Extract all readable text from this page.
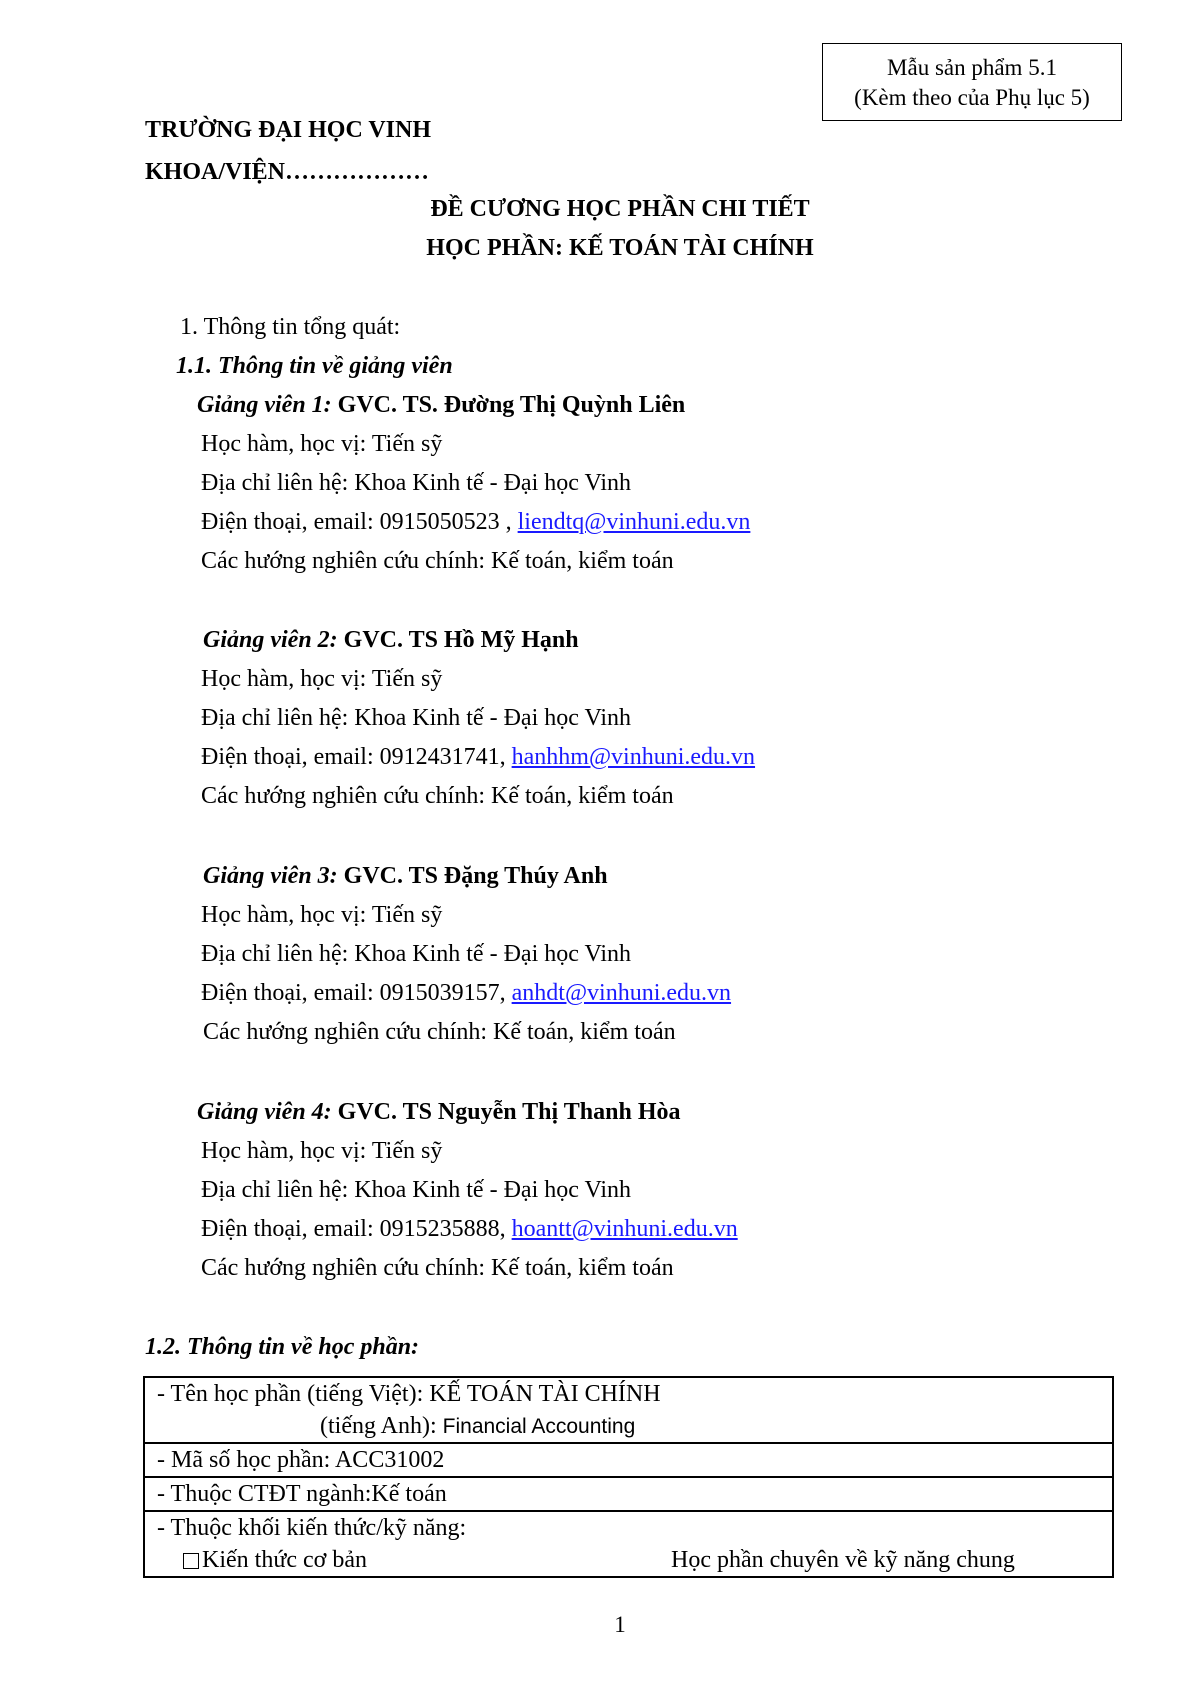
Mẫu sản phẩm 5.1
(Kèm theo của Phụ lục 5)
TRƯỜNG ĐẠI HỌC VINH
KHOA/VIỆN………………
ĐỀ CƯƠNG HỌC PHẦN CHI TIẾT
HỌC PHẦN: KẾ TOÁN TÀI CHÍNH
1. Thông tin tổng quát:
1.1. Thông tin về giảng viên
Giảng viên 1: GVC. TS. Đường Thị Quỳnh Liên
Học hàm, học vị: Tiến sỹ
Địa chỉ liên hệ: Khoa Kinh tế - Đại học Vinh
Điện thoại, email: 0915050523 , liendtq@vinhuni.edu.vn
Các hướng nghiên cứu chính: Kế toán, kiểm toán
Giảng viên 2: GVC. TS Hồ Mỹ Hạnh
Học hàm, học vị: Tiến sỹ
Địa chỉ liên hệ: Khoa Kinh tế - Đại học Vinh
Điện thoại, email: 0912431741, hanhhm@vinhuni.edu.vn
Các hướng nghiên cứu chính: Kế toán, kiểm toán
Giảng viên 3: GVC. TS Đặng Thúy Anh
Học hàm, học vị: Tiến sỹ
Địa chỉ liên hệ: Khoa Kinh tế - Đại học Vinh
Điện thoại, email: 0915039157, anhdt@vinhuni.edu.vn
Các hướng nghiên cứu chính: Kế toán, kiểm toán
Giảng viên 4: GVC. TS Nguyễn Thị Thanh Hòa
Học hàm, học vị: Tiến sỹ
Địa chỉ liên hệ: Khoa Kinh tế - Đại học Vinh
Điện thoại, email: 0915235888, hoantt@vinhuni.edu.vn
Các hướng nghiên cứu chính: Kế toán, kiểm toán
1.2. Thông tin về học phần:
- Tên học phần (tiếng Việt): KẾ TOÁN TÀI CHÍNH
(tiếng Anh): Financial Accounting
- Mã số học phần: ACC31002
- Thuộc CTĐT ngành:Kế toán
- Thuộc khối kiến thức/kỹ năng:
Kiến thức cơ bản	Học phần chuyên về kỹ năng chung
1
